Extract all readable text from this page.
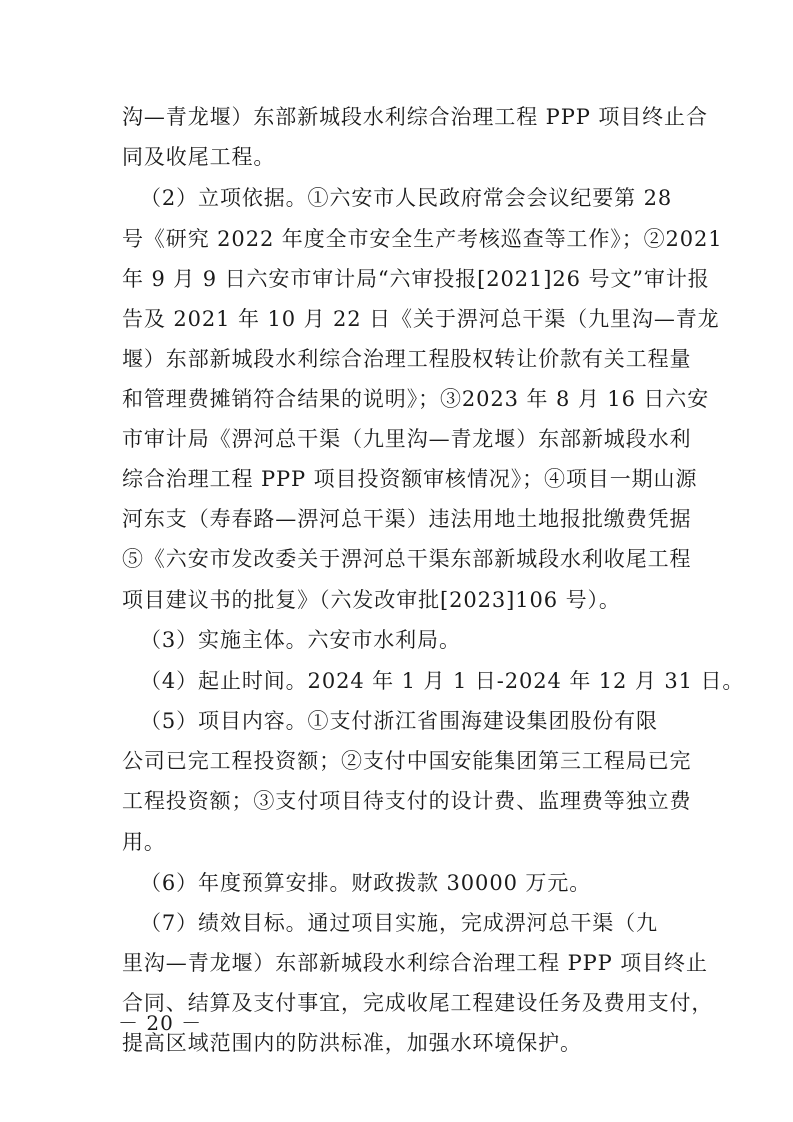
沟—青龙堰）东部新城段水利综合治理工程 PPP 项目终止合
同及收尾工程。
（2）立项依据。①六安市人民政府常会会议纪要第 28
号《研究 2022 年度全市安全生产考核巡查等工作》；②2021
年 9 月 9 日六安市审计局“六审投报[2021]26 号文”审计报
告及 2021 年 10 月 22 日《关于淠河总干渠（九里沟—青龙
堰）东部新城段水利综合治理工程股权转让价款有关工程量
和管理费摊销符合结果的说明》；③2023 年 8 月 16 日六安
市审计局《淠河总干渠（九里沟—青龙堰）东部新城段水利
综合治理工程 PPP 项目投资额审核情况》；④项目一期山源
河东支（寿春路—淠河总干渠）违法用地土地报批缴费凭据
⑤《六安市发改委关于淠河总干渠东部新城段水利收尾工程
项目建议书的批复》（六发改审批[2023]106 号）。
（3）实施主体。六安市水利局。
（4）起止时间。2024 年 1 月 1 日-2024 年 12 月 31 日。
（5）项目内容。①支付浙江省围海建设集团股份有限
公司已完工程投资额；②支付中国安能集团第三工程局已完
工程投资额；③支付项目待支付的设计费、监理费等独立费
用。
（6）年度预算安排。财政拨款 30000 万元。
（7）绩效目标。通过项目实施，完成淠河总干渠（九
里沟—青龙堰）东部新城段水利综合治理工程 PPP 项目终止
合同、结算及支付事宜，完成收尾工程建设任务及费用支付，
提高区域范围内的防洪标准，加强水环境保护。
－ 20 －
